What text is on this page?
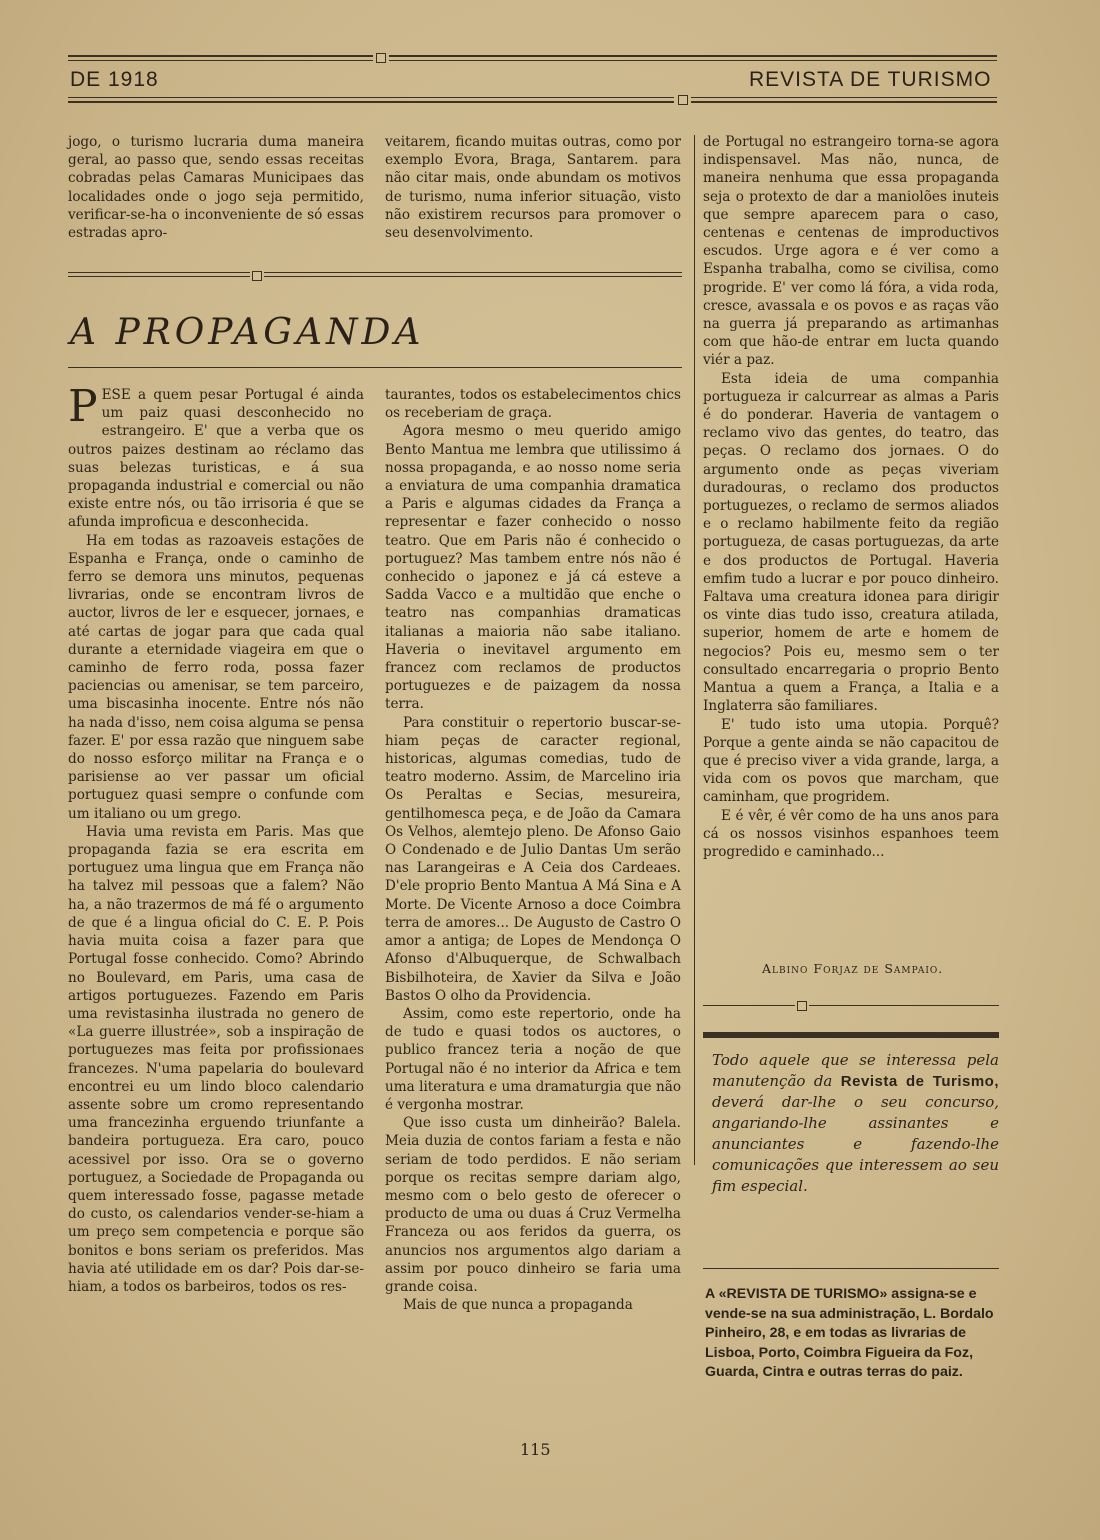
DE 1918	REVISTA DE TURISMO

jogo, o turismo lucraria duma maneira geral, ao passo que, sendo essas receitas cobradas pelas Camaras Municipaes das localidades onde o jogo seja permitido, verificar-se-ha o inconveniente de só essas estradas apro-

veitarem, ficando muitas outras, como por exemplo Evora, Braga, Santarem. para não citar mais, onde abundam os motivos de turismo, numa inferior situação, visto não existirem recursos para promover o seu desenvolvimento.

A PROPAGANDA

PESE a quem pesar Portugal é ainda um paiz quasi desconhecido no estrangeiro. E' que a verba que os outros paizes destinam ao réclamo das suas belezas turisticas, e á sua propaganda industrial e comercial ou não existe entre nós, ou tão irrisoria é que se afunda improficua e desconhecida.

Ha em todas as razoaveis estações de Espanha e França, onde o caminho de ferro se demora uns minutos, pequenas livrarias, onde se encontram livros de auctor, livros de ler e esquecer, jornaes, e até cartas de jogar para que cada qual durante a eternidade viageira em que o caminho de ferro roda, possa fazer paciencias ou amenisar, se tem parceiro, uma biscasinha inocente. Entre nós não ha nada d'isso, nem coisa alguma se pensa fazer. E' por essa razão que ninguem sabe do nosso esforço militar na França e o parisiense ao ver passar um oficial portuguez quasi sempre o confunde com um italiano ou um grego.

Havia uma revista em Paris. Mas que propaganda fazia se era escrita em portuguez uma lingua que em França não ha talvez mil pessoas que a falem? Não ha, a não trazermos de má fé o argumento de que é a lingua oficial do C. E. P. Pois havia muita coisa a fazer para que Portugal fosse conhecido. Como? Abrindo no Boulevard, em Paris, uma casa de artigos portuguezes. Fazendo em Paris uma revistasinha ilustrada no genero de «La guerre illustrée», sob a inspiração de portuguezes mas feita por profissionaes francezes. N'uma papelaria do boulevard encontrei eu um lindo bloco calendario assente sobre um cromo representando uma francezinha erguendo triunfante a bandeira portugueza. Era caro, pouco acessivel por isso. Ora se o governo portuguez, a Sociedade de Propaganda ou quem interessado fosse, pagasse metade do custo, os calendarios vender-se-hiam a um preço sem competencia e porque são bonitos e bons seriam os preferidos. Mas havia até utilidade em os dar? Pois dar-se-hiam, a todos os barbeiros, todos os res-

taurantes, todos os estabelecimentos chics os receberiam de graça.

Agora mesmo o meu querido amigo Bento Mantua me lembra que utilissimo á nossa propaganda, e ao nosso nome seria a enviatura de uma companhia dramatica a Paris e algumas cidades da França a representar e fazer conhecido o nosso teatro. Que em Paris não é conhecido o portuguez? Mas tambem entre nós não é conhecido o japonez e já cá esteve a Sadda Vacco e a multidão que enche o teatro nas companhias dramaticas italianas a maioria não sabe italiano. Haveria o inevitavel argumento em francez com reclamos de productos portuguezes e de paizagem da nossa terra.

Para constituir o repertorio buscar-se-hiam peças de caracter regional, historicas, algumas comedias, tudo de teatro moderno. Assim, de Marcelino iria Os Peraltas e Secias, mesureira, gentilhomesca peça, e de João da Camara Os Velhos, alemtejo pleno. De Afonso Gaio O Condenado e de Julio Dantas Um serão nas Larangeiras e A Ceia dos Cardeaes. D'ele proprio Bento Mantua A Má Sina e A Morte. De Vicente Arnoso a doce Coimbra terra de amores... De Augusto de Castro O amor a antiga; de Lopes de Mendonça O Afonso d'Albuquerque, de Schwalbach Bisbilhoteira, de Xavier da Silva e João Bastos O olho da Providencia.

Assim, como este repertorio, onde ha de tudo e quasi todos os auctores, o publico francez teria a noção de que Portugal não é no interior da Africa e tem uma literatura e uma dramaturgia que não é vergonha mostrar.

Que isso custa um dinheirão? Balela. Meia duzia de contos fariam a festa e não seriam de todo perdidos. E não seriam porque os recitas sempre dariam algo, mesmo com o belo gesto de oferecer o producto de uma ou duas á Cruz Vermelha Franceza ou aos feridos da guerra, os anuncios nos argumentos algo dariam a assim por pouco dinheiro se faria uma grande coisa.

Mais de que nunca a propaganda

de Portugal no estrangeiro torna-se agora indispensavel. Mas não, nunca, de maneira nenhuma que essa propaganda seja o protexto de dar a maniolões inuteis que sempre aparecem para o caso, centenas e centenas de improductivos escudos. Urge agora e é ver como a Espanha trabalha, como se civilisa, como progride. E' ver como lá fóra, a vida roda, cresce, avassala e os povos e as raças vão na guerra já preparando as artimanhas com que hão-de entrar em lucta quando viér a paz.

Esta ideia de uma companhia portugueza ir calcurrear as almas a Paris é do ponderar. Haveria de vantagem o reclamo vivo das gentes, do teatro, das peças. O reclamo dos jornaes. O do argumento onde as peças viveriam duradouras, o reclamo dos productos portuguezes, o reclamo de sermos aliados e o reclamo habilmente feito da região portugueza, de casas portuguezas, da arte e dos productos de Portugal. Haveria emfim tudo a lucrar e por pouco dinheiro. Faltava uma creatura idonea para dirigir os vinte dias tudo isso, creatura atilada, superior, homem de arte e homem de negocios? Pois eu, mesmo sem o ter consultado encarregaria o proprio Bento Mantua a quem a França, a Italia e a Inglaterra são familiares.

E' tudo isto uma utopia. Porquê? Porque a gente ainda se não capacitou de que é preciso viver a vida grande, larga, a vida com os povos que marcham, que caminham, que progridem.

E é vêr, é vêr como de ha uns anos para cá os nossos visinhos espanhoes teem progredido e caminhado...

Albino Forjaz de Sampaio.
Todo aquele que se interessa pela manutenção da Revista de Turismo, deverá dar-lhe o seu concurso, angariando-lhe assinantes e anunciantes e fazendo-lhe comunicações que interessem ao seu fim especial.
A «REVISTA DE TURISMO» assigna-se e vende-se na sua administração, L. Bordalo Pinheiro, 28, e em todas as livrarias de Lisboa, Porto, Coimbra Figueira da Foz, Guarda, Cintra e outras terras do paiz.
115
